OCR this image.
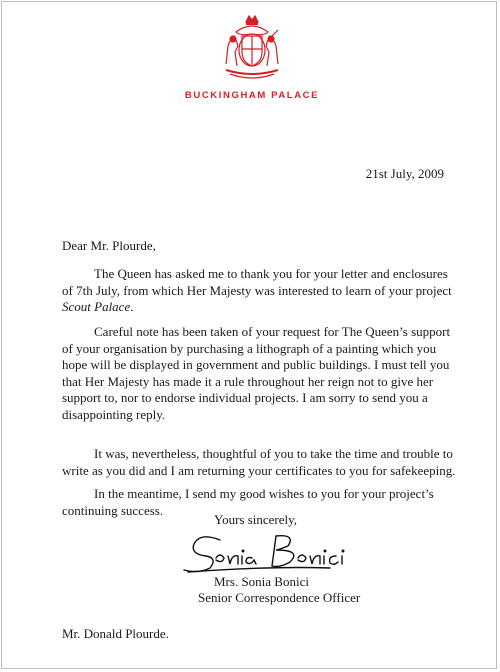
BUCKINGHAM PALACE
21st July, 2009
Dear Mr. Plourde,

The Queen has asked me to thank you for your letter and enclosures of 7th July, from which Her Majesty was interested to learn of your project Scout Palace.

Careful note has been taken of your request for The Queen’s support of your organisation by purchasing a lithograph of a painting which you hope will be displayed in government and public buildings. I must tell you that Her Majesty has made it a rule throughout her reign not to give her support to, nor to endorse individual projects. I am sorry to send you a disappointing reply.

It was, nevertheless, thoughtful of you to take the time and trouble to write as you did and I am returning your certificates to you for safekeeping.

In the meantime, I send my good wishes to you for your project’s continuing success.

Yours sincerely,
Mrs. Sonia Bonici
Senior Correspondence Officer
Mr. Donald Plourde.
